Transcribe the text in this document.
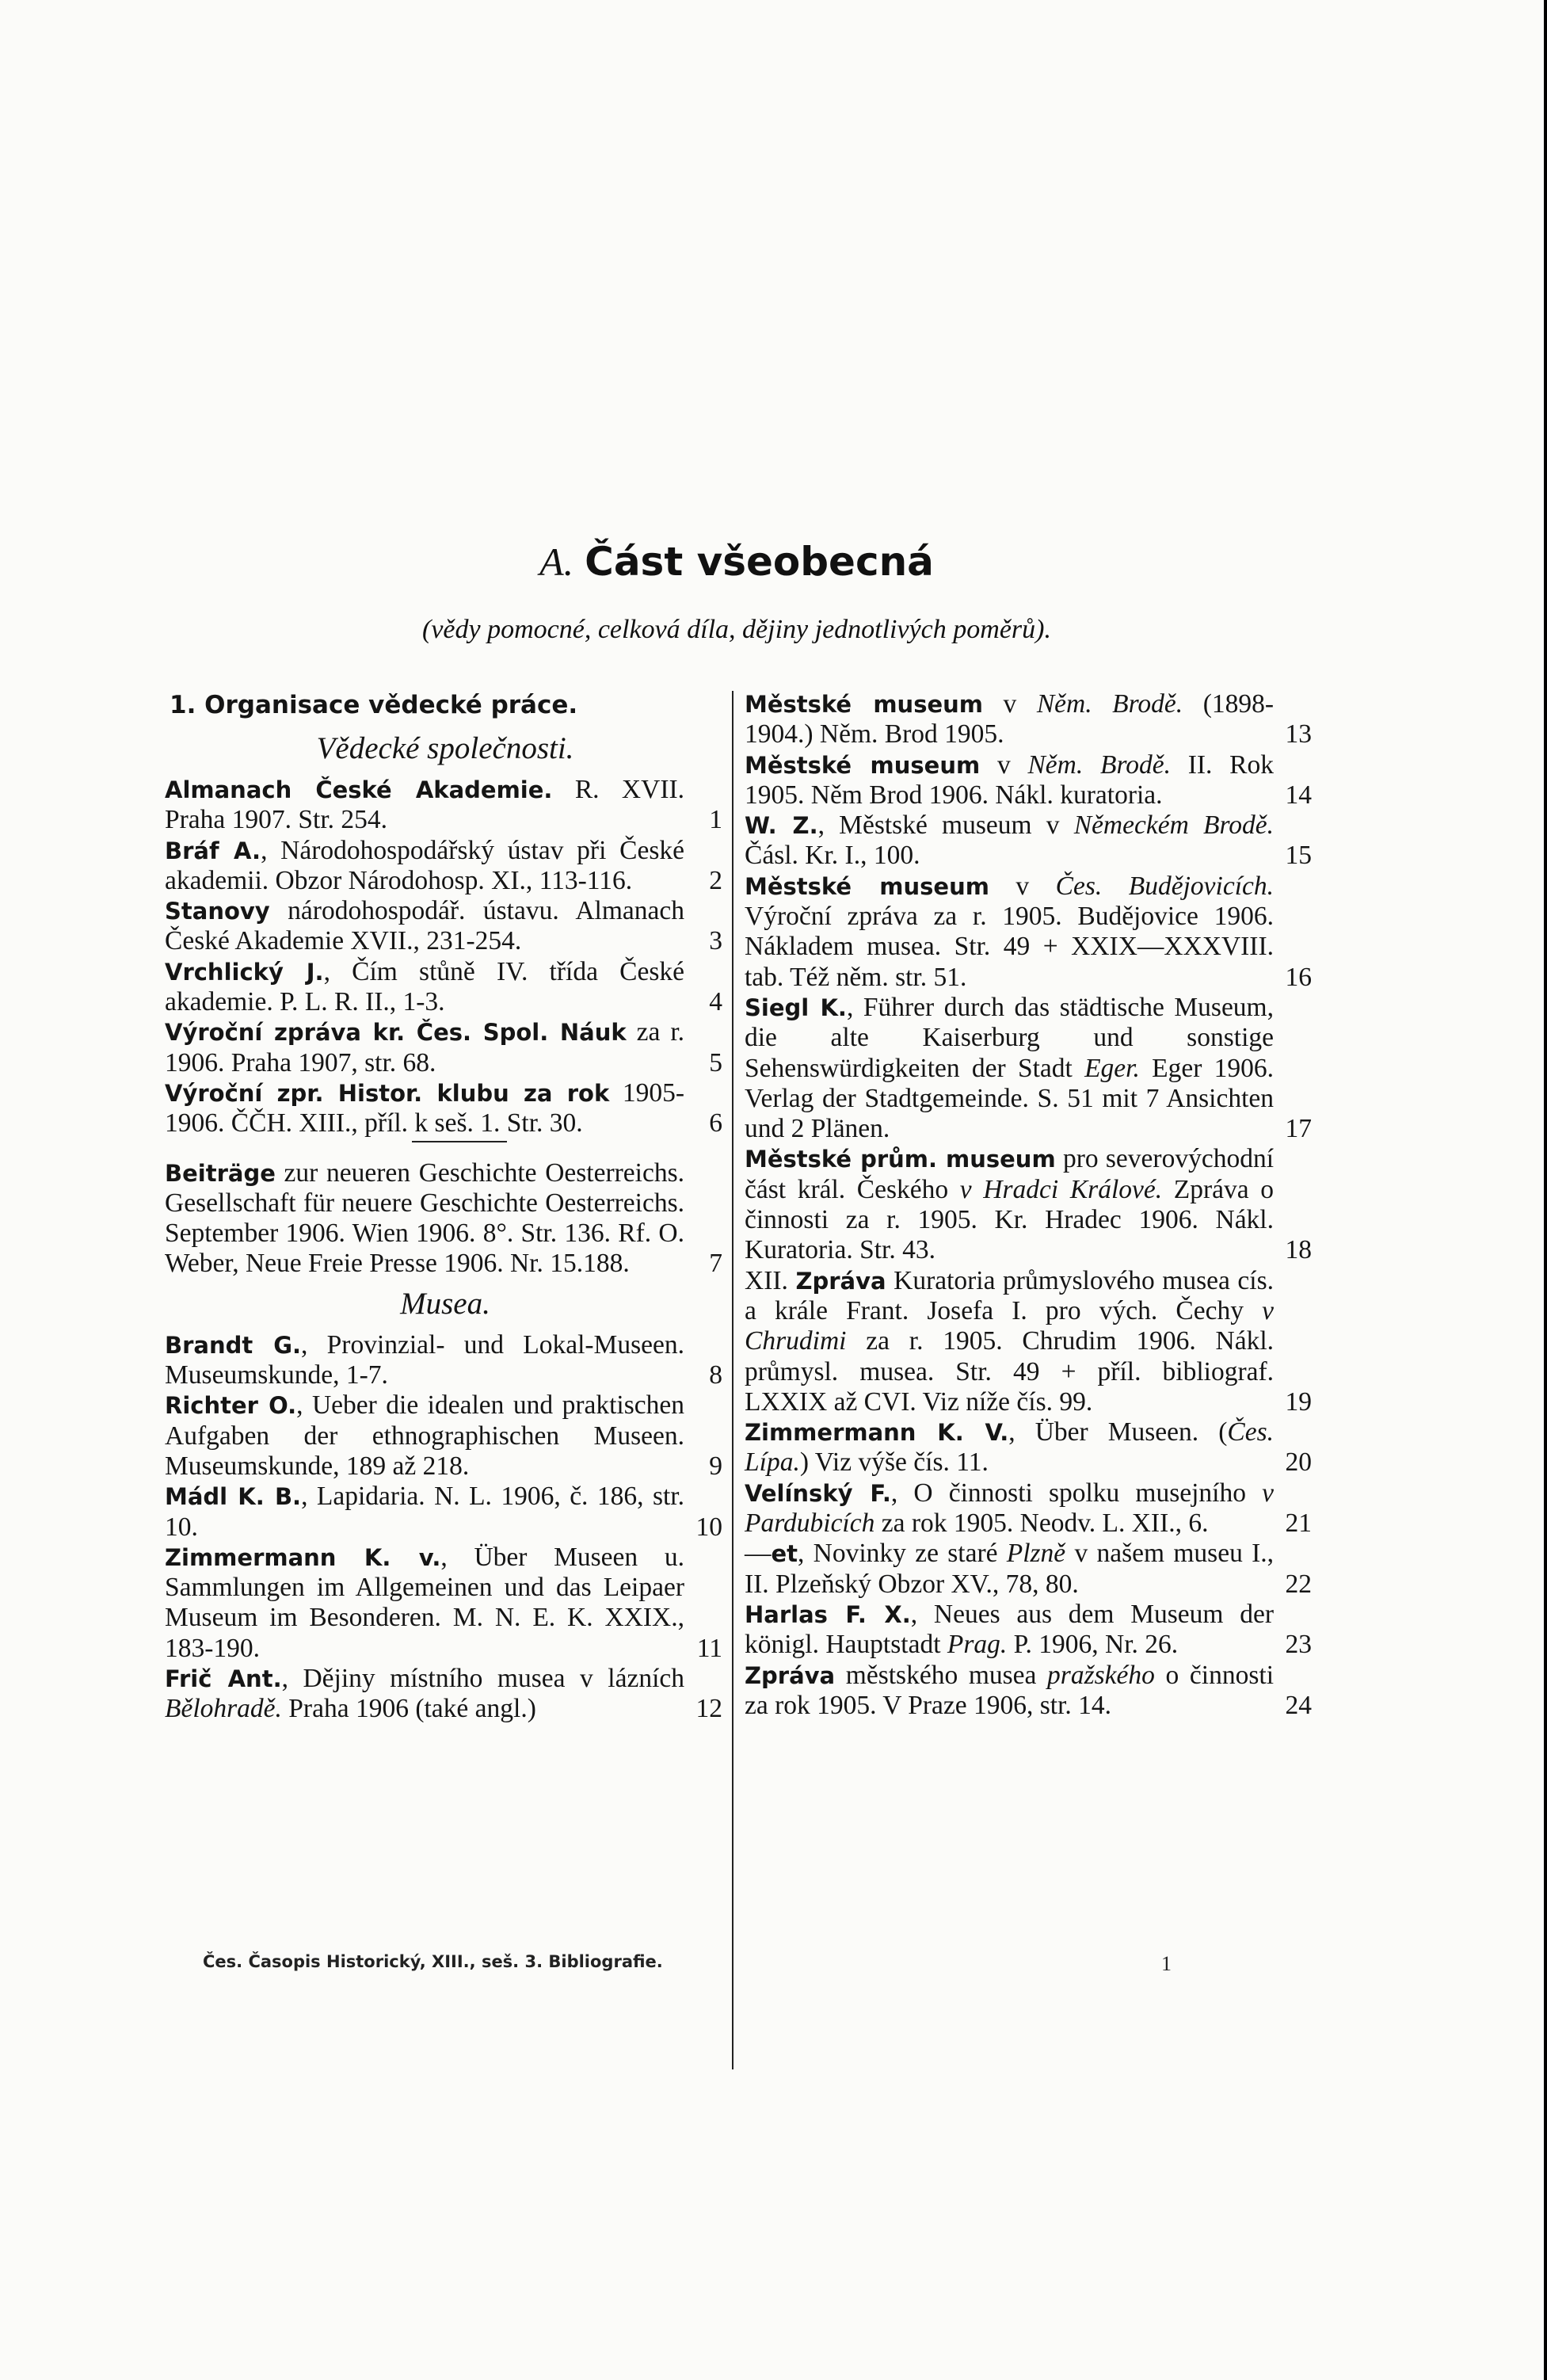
A. Část všeobecná
(vědy pomocné, celková díla, dějiny jednotlivých poměrů).

1. Organisace vědecké práce.

Vědecké společnosti.

Almanach České Akademie. R. XVII. Praha 1907. Str. 254.	1

Bráf A., Národohospodářský ústav při České akademii. Obzor Národohosp. XI., 113-116.	2

Stanovy národohospodář. ústavu. Almanach České Akademie XVII., 231-254.	3

Vrchlický J., Čím stůně IV. třída České akademie. P. L. R. II., 1-3.	4

Výroční zpráva kr. Čes. Spol. Náuk za r. 1906. Praha 1907, str. 68.	5

Výroční zpr. Histor. klubu za rok 1905-1906. ČČH. XIII., příl. k seš. 1. Str. 30.	6

Beiträge zur neueren Geschichte Oesterreichs. Gesellschaft für neuere Geschichte Oesterreichs. September 1906. Wien 1906. 8°. Str. 136. Rf. O. Weber, Neue Freie Presse 1906. Nr. 15.188.	7

Musea.

Brandt G., Provinzial- und Lokal-Museen. Museumskunde, 1-7.	8

Richter O., Ueber die idealen und praktischen Aufgaben der ethnographischen Museen. Museumskunde, 189 až 218.	9

Mádl K. B., Lapidaria. N. L. 1906, č. 186, str. 10.	10

Zimmermann K. v., Über Museen u. Sammlungen im Allgemeinen und das Leipaer Museum im Besonderen. M. N. E. K. XXIX., 183-190.	11

Frič Ant., Dějiny místního musea v lázních Bělohradě. Praha 1906 (také angl.)	12

Městské museum v Něm. Brodě. (1898-1904.) Něm. Brod 1905.	13

Městské museum v Něm. Brodě. II. Rok 1905. Něm Brod 1906. Nákl. kuratoria.	14

W. Z., Městské museum v Německém Brodě. Čásl. Kr. I., 100.	15

Městské museum v Čes. Budějovicích. Výroční zpráva za r. 1905. Budějovice 1906. Nákladem musea. Str. 49 + XXIX—XXXVIII. tab. Též něm. str. 51.	16

Siegl K., Führer durch das städtische Museum, die alte Kaiserburg und sonstige Sehenswürdigkeiten der Stadt Eger. Eger 1906. Verlag der Stadtgemeinde. S. 51 mit 7 Ansichten und 2 Plänen.	17

Městské prům. museum pro severovýchodní část král. Českého v Hradci Králové. Zpráva o činnosti za r. 1905. Kr. Hradec 1906. Nákl. Kuratoria. Str. 43.	18

XII. Zpráva Kuratoria průmyslového musea cís. a krále Frant. Josefa I. pro vých. Čechy v Chrudimi za r. 1905. Chrudim 1906. Nákl. průmysl. musea. Str. 49 + příl. bibliograf. LXXIX až CVI. Viz níže čís. 99.	19

Zimmermann K. V., Über Museen. (Čes. Lípa.) Viz výše čís. 11.	20

Velínský F., O činnosti spolku musejního v Pardubicích za rok 1905. Neodv. L. XII., 6.	21

—et, Novinky ze staré Plzně v našem museu I., II. Plzeňský Obzor XV., 78, 80.	22

Harlas F. X., Neues aus dem Museum der königl. Hauptstadt Prag. P. 1906, Nr. 26.	23

Zpráva městského musea pražského o činnosti za rok 1905. V Praze 1906, str. 14.	24

Čes. Časopis Historický, XIII., seš. 3. Bibliografie.	1
